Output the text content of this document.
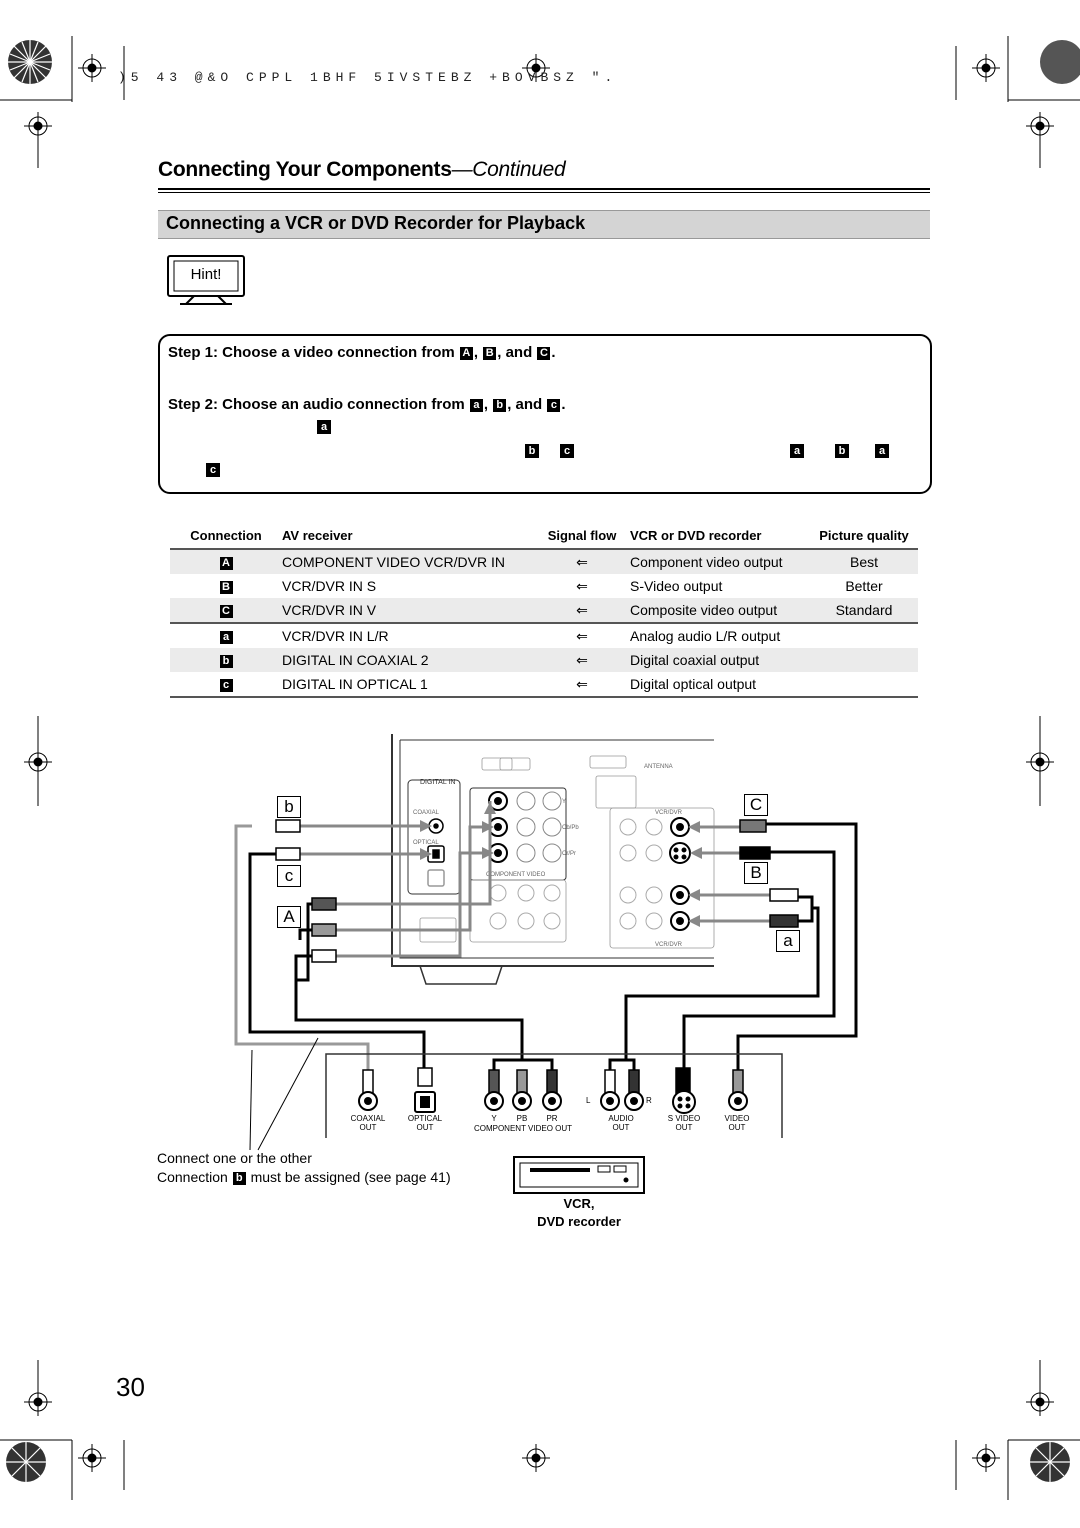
)5 43 @&O CPPL 1BHF 5IVSTEBZ +BOVBSZ ".
Connecting Your Components—Continued
Connecting a VCR or DVD Recorder for Playback
Hint!
Step 1: Choose a video connection from A , B , and C .
Step 2: Choose an audio connection from a , b , and c .
a
b	c	a	b	a
c
Connection	AV receiver	Signal flow	VCR or DVD recorder	Picture quality
A	COMPONENT VIDEO VCR/DVR IN	⇐	Component video output	Best
B	VCR/DVR IN S	⇐	S-Video output	Better
C	VCR/DVR IN V	⇐	Composite video output	Standard
a	VCR/DVR IN L/R	⇐	Analog audio L/R output	
b	DIGITAL IN COAXIAL 2	⇐	Digital coaxial output	
c	DIGITAL IN OPTICAL 1	⇐	Digital optical output	
DIGITAL IN
COAXIAL
OPTICAL
COMPONENT VIDEO
ANTENNA
VCR/DVR
VCR/DVR
Y
Cb/Pb
Cr/Pr
COAXIAL
OUT
OPTICAL
OUT
Y	PB	PR
COMPONENT VIDEO OUT
L	R
AUDIO
OUT
S VIDEO
OUT
VIDEO
OUT
b
c
A
C
B
a
Connect one or the other
Connection b must be assigned (see page 41)
VCR,
DVD recorder
30
